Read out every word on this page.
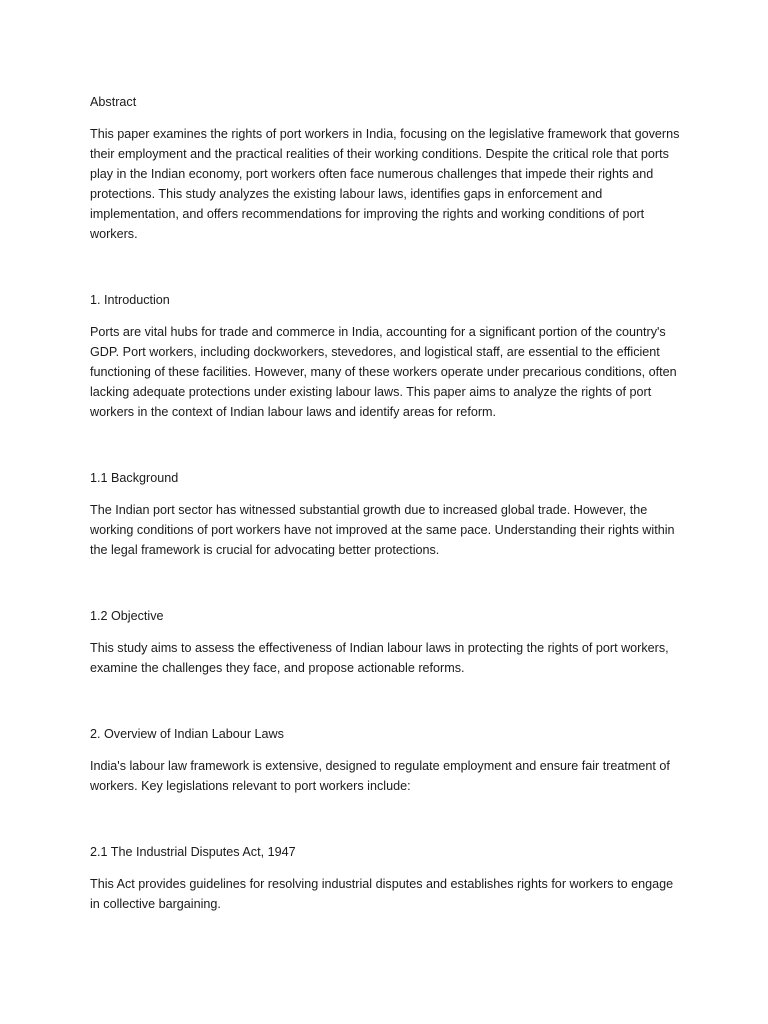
Abstract

This paper examines the rights of port workers in India, focusing on the legislative framework that governs their employment and the practical realities of their working conditions. Despite the critical role that ports play in the Indian economy, port workers often face numerous challenges that impede their rights and protections. This study analyzes the existing labour laws, identifies gaps in enforcement and implementation, and offers recommendations for improving the rights and working conditions of port workers.

1. Introduction

Ports are vital hubs for trade and commerce in India, accounting for a significant portion of the country's GDP. Port workers, including dockworkers, stevedores, and logistical staff, are essential to the efficient functioning of these facilities. However, many of these workers operate under precarious conditions, often lacking adequate protections under existing labour laws. This paper aims to analyze the rights of port workers in the context of Indian labour laws and identify areas for reform.

1.1 Background

The Indian port sector has witnessed substantial growth due to increased global trade. However, the working conditions of port workers have not improved at the same pace. Understanding their rights within the legal framework is crucial for advocating better protections.

1.2 Objective

This study aims to assess the effectiveness of Indian labour laws in protecting the rights of port workers, examine the challenges they face, and propose actionable reforms.

2. Overview of Indian Labour Laws

India's labour law framework is extensive, designed to regulate employment and ensure fair treatment of workers. Key legislations relevant to port workers include:

2.1 The Industrial Disputes Act, 1947

This Act provides guidelines for resolving industrial disputes and establishes rights for workers to engage in collective bargaining.
